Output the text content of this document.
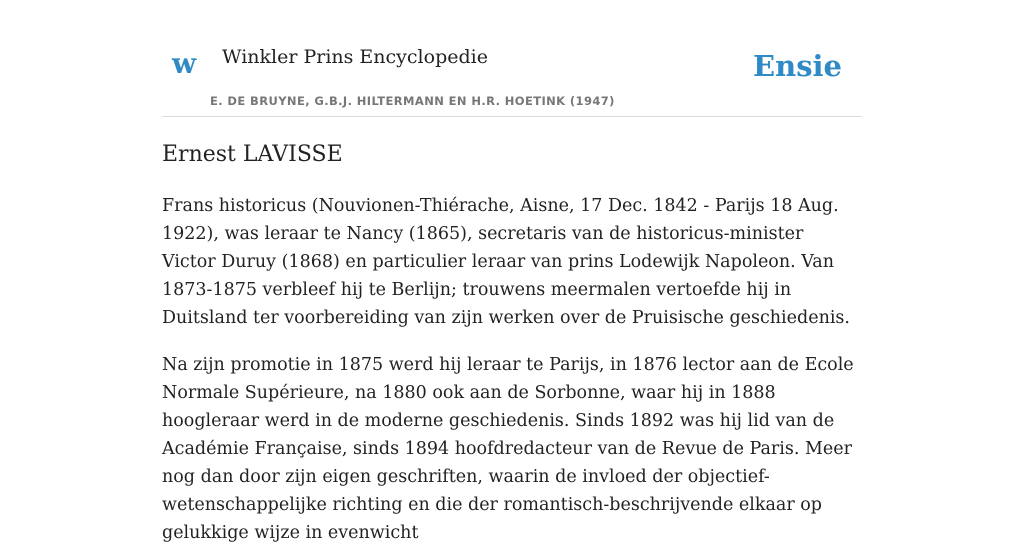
w Winkler Prins Encyclopedie
E. DE BRUYNE, G.B.J. HILTERMANN EN H.R. HOETINK (1947)
Ensie
Ernest LAVISSE

Frans historicus (Nouvionen-Thiérache, Aisne, 17 Dec. 1842 - Parijs 18 Aug. 1922), was leraar te Nancy (1865), secretaris van de historicus-minister Victor Duruy (1868) en particulier leraar van prins Lodewijk Napoleon. Van 1873-1875 verbleef hij te Berlijn; trouwens meermalen vertoefde hij in Duitsland ter voorbereiding van zijn werken over de Pruisische geschiedenis.

Na zijn promotie in 1875 werd hij leraar te Parijs, in 1876 lector aan de Ecole Normale Supérieure, na 1880 ook aan de Sorbonne, waar hij in 1888 hoogleraar werd in de moderne geschiedenis. Sinds 1892 was hij lid van de Académie Française, sinds 1894 hoofdredacteur van de Revue de Paris. Meer nog dan door zijn eigen geschriften, waarin de invloed der objectief-wetenschappelijke richting en die der romantisch-beschrijvende elkaar op gelukkige wijze in evenwicht
